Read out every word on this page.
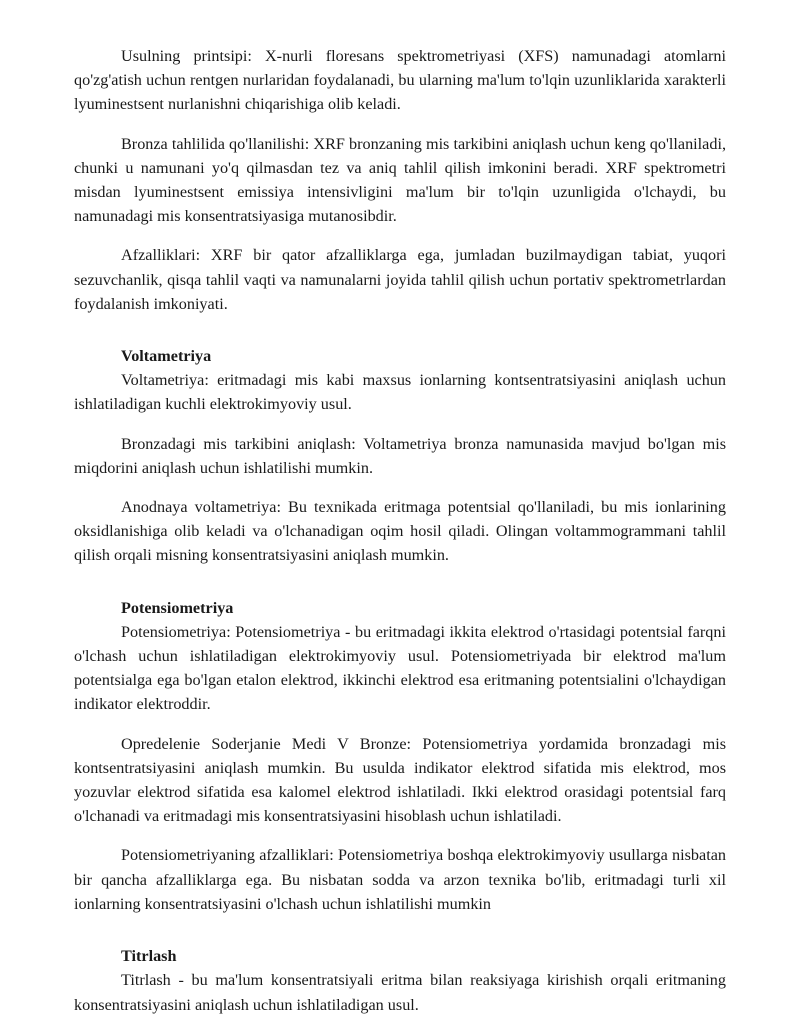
Usulning printsipi: X-nurli floresans spektrometriyasi (XFS) namunadagi atomlarni qo'zg'atish uchun rentgen nurlaridan foydalanadi, bu ularning ma'lum to'lqin uzunliklarida xarakterli lyuminestsent nurlanishni chiqarishiga olib keladi.

Bronza tahlilida qo'llanilishi: XRF bronzaning mis tarkibini aniqlash uchun keng qo'llaniladi, chunki u namunani yo'q qilmasdan tez va aniq tahlil qilish imkonini beradi. XRF spektrometri misdan lyuminestsent emissiya intensivligini ma'lum bir to'lqin uzunligida o'lchaydi, bu namunadagi mis konsentratsiyasiga mutanosibdir.

Afzalliklari: XRF bir qator afzalliklarga ega, jumladan buzilmaydigan tabiat, yuqori sezuvchanlik, qisqa tahlil vaqti va namunalarni joyida tahlil qilish uchun portativ spektrometrlardan foydalanish imkoniyati.

Voltametriya

Voltametriya: eritmadagi mis kabi maxsus ionlarning kontsentratsiyasini aniqlash uchun ishlatiladigan kuchli elektrokimyoviy usul.

Bronzadagi mis tarkibini aniqlash: Voltametriya bronza namunasida mavjud bo'lgan mis miqdorini aniqlash uchun ishlatilishi mumkin.

Anodnaya voltametriya: Bu texnikada eritmaga potentsial qo'llaniladi, bu mis ionlarining oksidlanishiga olib keladi va o'lchanadigan oqim hosil qiladi. Olingan voltammogrammani tahlil qilish orqali misning konsentratsiyasini aniqlash mumkin.

Potensiometriya

Potensiometriya: Potensiometriya - bu eritmadagi ikkita elektrod o'rtasidagi potentsial farqni o'lchash uchun ishlatiladigan elektrokimyoviy usul. Potensiometriyada bir elektrod ma'lum potentsialga ega bo'lgan etalon elektrod, ikkinchi elektrod esa eritmaning potentsialini o'lchaydigan indikator elektroddir.

Opredelenie Soderjanie Medi V Bronze: Potensiometriya yordamida bronzadagi mis kontsentratsiyasini aniqlash mumkin. Bu usulda indikator elektrod sifatida mis elektrod, mos yozuvlar elektrod sifatida esa kalomel elektrod ishlatiladi. Ikki elektrod orasidagi potentsial farq o'lchanadi va eritmadagi mis konsentratsiyasini hisoblash uchun ishlatiladi.

Potensiometriyaning afzalliklari: Potensiometriya boshqa elektrokimyoviy usullarga nisbatan bir qancha afzalliklarga ega. Bu nisbatan sodda va arzon texnika bo'lib, eritmadagi turli xil ionlarning konsentratsiyasini o'lchash uchun ishlatilishi mumkin

Titrlash

Titrlash - bu ma'lum konsentratsiyali eritma bilan reaksiyaga kirishish orqali eritmaning konsentratsiyasini aniqlash uchun ishlatiladigan usul.
